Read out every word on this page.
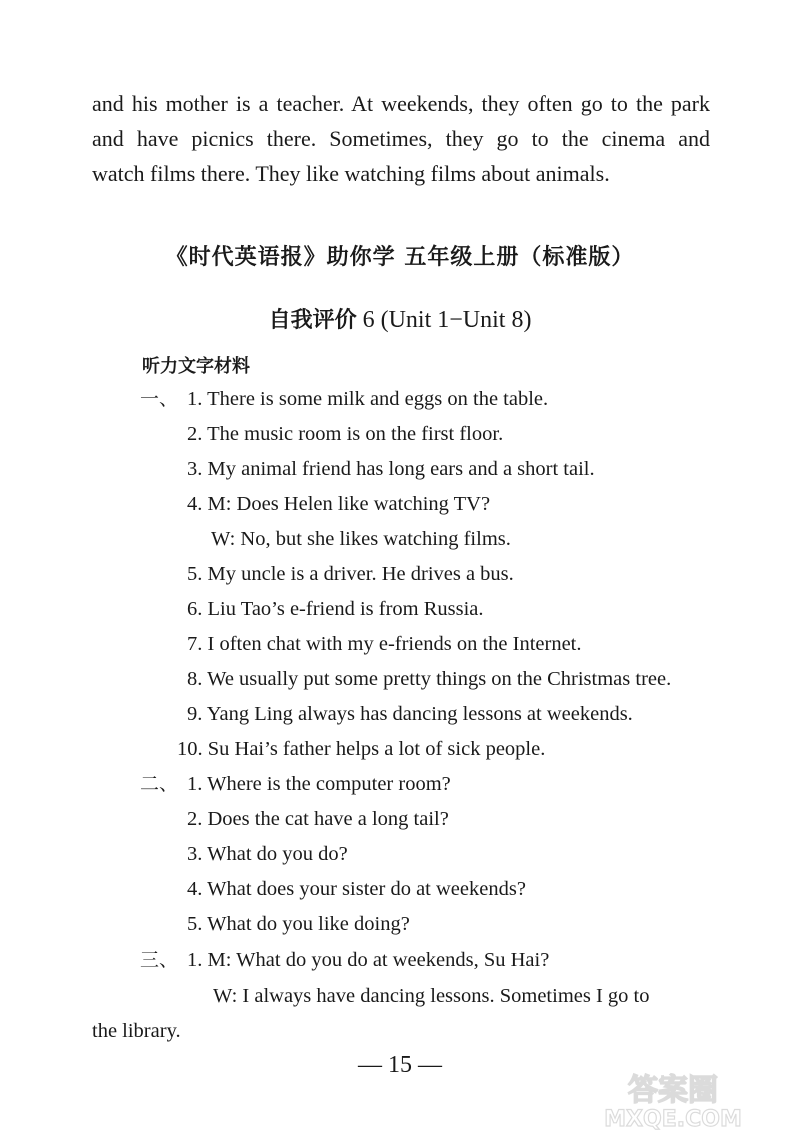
and his mother is a teacher. At weekends, they often go to the park

and have picnics there. Sometimes, they go to the cinema and

watch films there. They like watching films about animals.

《时代英语报》助你学 五年级上册（标准版）
自我评价 6 (Unit 1−Unit 8)
听力文字材料
一、 1. There is some milk and eggs on the table.
2. The music room is on the first floor.
3. My animal friend has long ears and a short tail.
4. M: Does Helen like watching TV?
W: No, but she likes watching films.
5. My uncle is a driver. He drives a bus.
6. Liu Tao’s e-friend is from Russia.
7. I often chat with my e-friends on the Internet.
8. We usually put some pretty things on the Christmas tree.
9. Yang Ling always has dancing lessons at weekends.
10. Su Hai’s father helps a lot of sick people.
二、 1. Where is the computer room?
2. Does the cat have a long tail?
3. What do you do?
4. What does your sister do at weekends?
5. What do you like doing?
三、 1. M: What do you do at weekends, Su Hai?
W: I always have dancing lessons. Sometimes I go to
the library.
— 15 —
答案圈
MXQE.COM
